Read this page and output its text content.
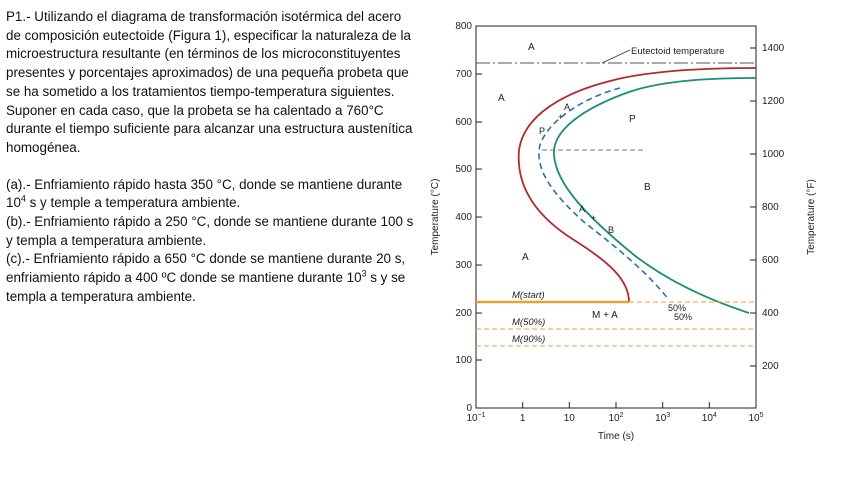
P1.- Utilizando el diagrama de transformación isotérmica del acero de composición eutectoide (Figura 1), especificar la naturaleza de la microestructura resultante (en términos de los microconstituyentes presentes y porcentajes aproximados) de una pequeña probeta que se ha sometido a los tratamientos tiempo-temperatura siguientes. Suponer en cada caso, que la probeta se ha calentado a 760°C durante el tiempo suficiente para alcanzar una estructura austenítica homogénea.

(a).- Enfriamiento rápido hasta 350 °C, donde se mantiene durante $10^4$ s y temple a temperatura ambiente.

(b).- Enfriamiento rápido a 250 °C, donde se mantiene durante 100 s y templa a temperatura ambiente.

(c).- Enfriamiento rápido a 650 °C donde se mantiene durante 20 s, enfriamiento rápido a 400 ºC donde se mantiene durante $10^3$ s y se templa a temperatura ambiente.

800
700
600
500
400
300
200
100
0
Temperature (°C)
1400
1200
1000
800
600
400
200
Temperature (°F)
$10^{-1}$	1	10	$10^2$	$10^3$	$10^4$	$10^5$
Time (s)
Eutectoid temperature
M(start)
M(50%)
M(90%)
A
A
A
P
B
M + A
A
+
P
A
+
B
50%
50%
